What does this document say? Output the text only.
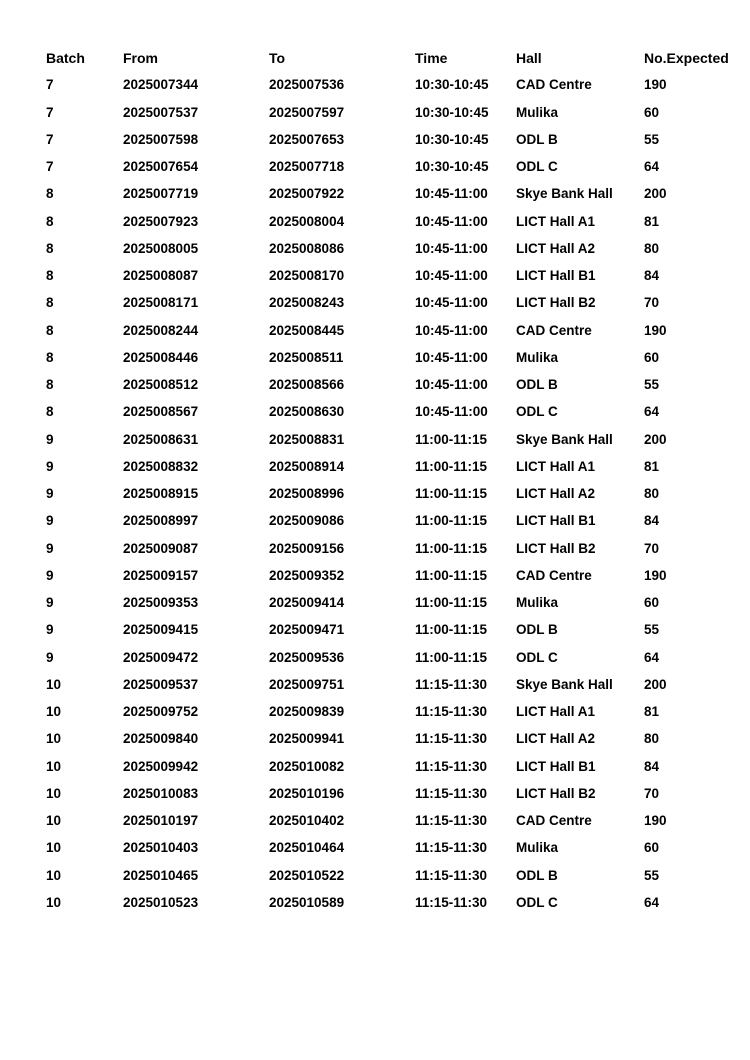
Batch	From	To	Time	Hall	No.Expected
7	2025007344	2025007536	10:30-10:45	CAD Centre	190
7	2025007537	2025007597	10:30-10:45	Mulika	60
7	2025007598	2025007653	10:30-10:45	ODL B	55
7	2025007654	2025007718	10:30-10:45	ODL C	64
8	2025007719	2025007922	10:45-11:00	Skye Bank Hall	200
8	2025007923	2025008004	10:45-11:00	LICT Hall A1	81
8	2025008005	2025008086	10:45-11:00	LICT Hall A2	80
8	2025008087	2025008170	10:45-11:00	LICT Hall B1	84
8	2025008171	2025008243	10:45-11:00	LICT Hall B2	70
8	2025008244	2025008445	10:45-11:00	CAD Centre	190
8	2025008446	2025008511	10:45-11:00	Mulika	60
8	2025008512	2025008566	10:45-11:00	ODL B	55
8	2025008567	2025008630	10:45-11:00	ODL C	64
9	2025008631	2025008831	11:00-11:15	Skye Bank Hall	200
9	2025008832	2025008914	11:00-11:15	LICT Hall A1	81
9	2025008915	2025008996	11:00-11:15	LICT Hall A2	80
9	2025008997	2025009086	11:00-11:15	LICT Hall B1	84
9	2025009087	2025009156	11:00-11:15	LICT Hall B2	70
9	2025009157	2025009352	11:00-11:15	CAD Centre	190
9	2025009353	2025009414	11:00-11:15	Mulika	60
9	2025009415	2025009471	11:00-11:15	ODL B	55
9	2025009472	2025009536	11:00-11:15	ODL C	64
10	2025009537	2025009751	11:15-11:30	Skye Bank Hall	200
10	2025009752	2025009839	11:15-11:30	LICT Hall A1	81
10	2025009840	2025009941	11:15-11:30	LICT Hall A2	80
10	2025009942	2025010082	11:15-11:30	LICT Hall B1	84
10	2025010083	2025010196	11:15-11:30	LICT Hall B2	70
10	2025010197	2025010402	11:15-11:30	CAD Centre	190
10	2025010403	2025010464	11:15-11:30	Mulika	60
10	2025010465	2025010522	11:15-11:30	ODL B	55
10	2025010523	2025010589	11:15-11:30	ODL C	64
